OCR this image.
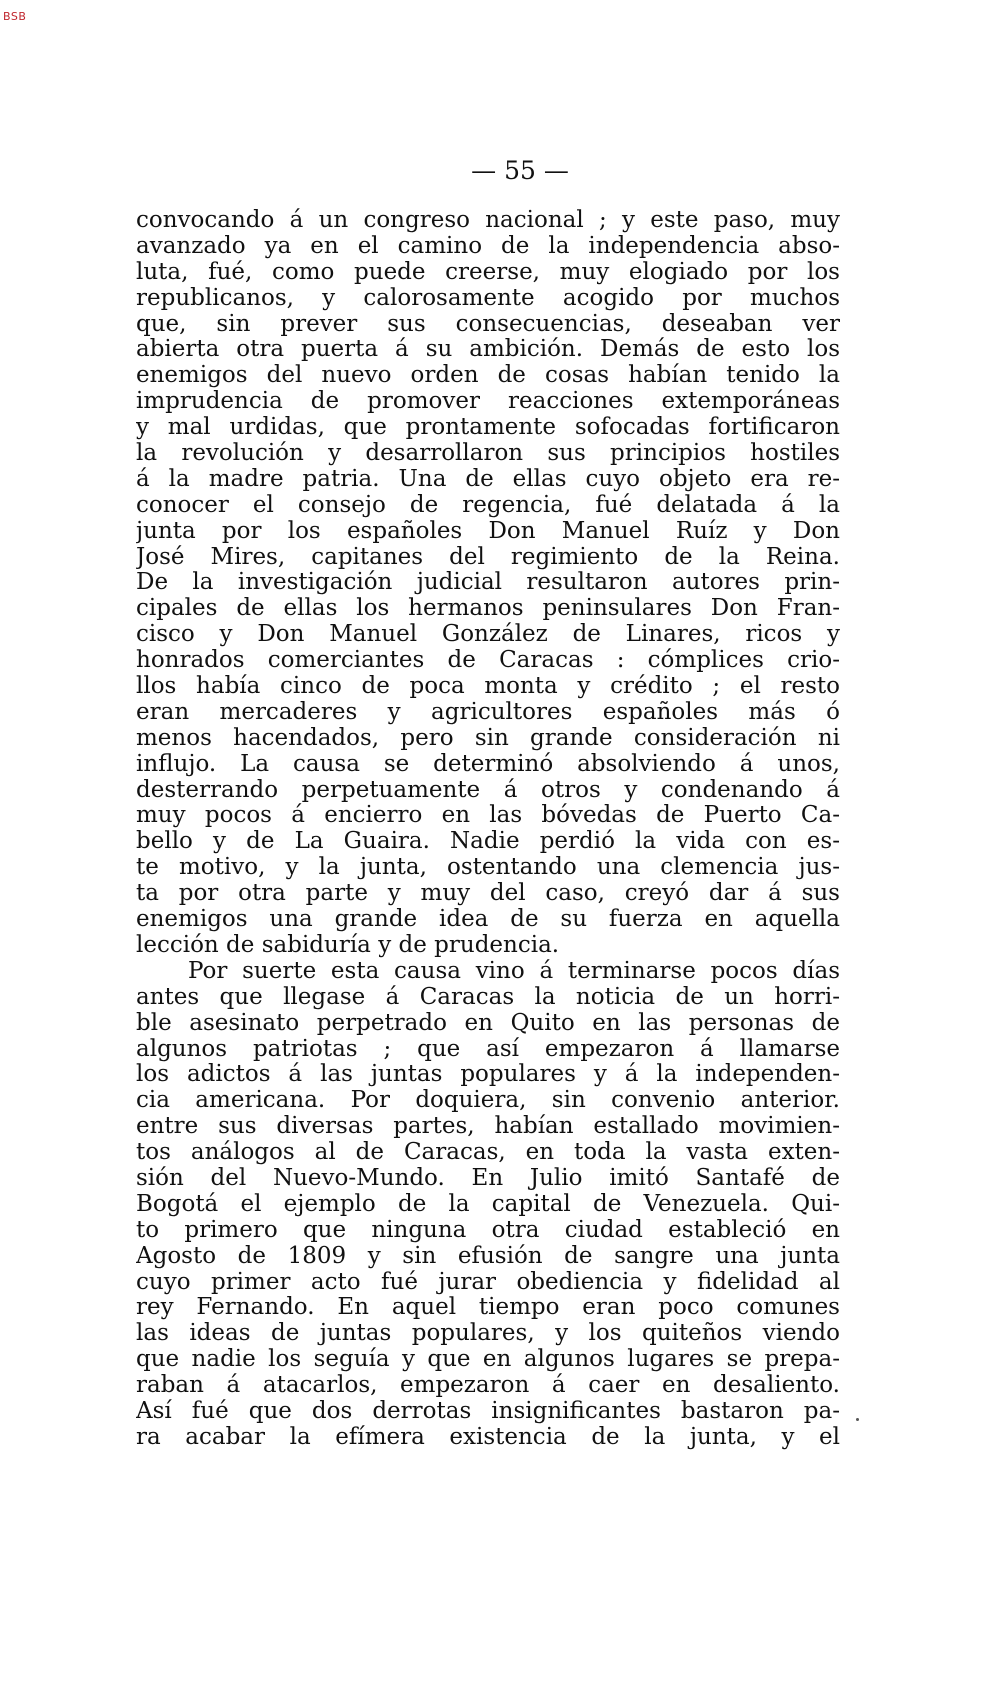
BSB
— 55 —
convocando á un congreso nacional ; y este paso, muy
avanzado ya en el camino de la independencia abso-
luta, fué, como puede creerse, muy elogiado por los
republicanos, y calorosamente acogido por muchos
que, sin prever sus consecuencias, deseaban ver
abierta otra puerta á su ambición. Demás de esto los
enemigos del nuevo orden de cosas habían tenido la
imprudencia de promover reacciones extemporáneas
y mal urdidas, que prontamente sofocadas fortificaron
la revolución y desarrollaron sus principios hostiles
á la madre patria. Una de ellas cuyo objeto era re-
conocer el consejo de regencia, fué delatada á la
junta por los españoles Don Manuel Ruíz y Don
José Mires, capitanes del regimiento de la Reina.
De la investigación judicial resultaron autores prin-
cipales de ellas los hermanos peninsulares Don Fran-
cisco y Don Manuel González de Linares, ricos y
honrados comerciantes de Caracas : cómplices crio-
llos había cinco de poca monta y crédito ; el resto
eran mercaderes y agricultores españoles más ó
menos hacendados, pero sin grande consideración ni
influjo. La causa se determinó absolviendo á unos,
desterrando perpetuamente á otros y condenando á
muy pocos á encierro en las bóvedas de Puerto Ca-
bello y de La Guaira. Nadie perdió la vida con es-
te motivo, y la junta, ostentando una clemencia jus-
ta por otra parte y muy del caso, creyó dar á sus
enemigos una grande idea de su fuerza en aquella
lección de sabiduría y de prudencia.
Por suerte esta causa vino á terminarse pocos días
antes que llegase á Caracas la noticia de un horri-
ble asesinato perpetrado en Quito en las personas de
algunos patriotas ; que así empezaron á llamarse
los adictos á las juntas populares y á la independen-
cia americana. Por doquiera, sin convenio anterior.
entre sus diversas partes, habían estallado movimien-
tos análogos al de Caracas, en toda la vasta exten-
sión del Nuevo-Mundo. En Julio imitó Santafé de
Bogotá el ejemplo de la capital de Venezuela. Qui-
to primero que ninguna otra ciudad estableció en
Agosto de 1809 y sin efusión de sangre una junta
cuyo primer acto fué jurar obediencia y fidelidad al
rey Fernando. En aquel tiempo eran poco comunes
las ideas de juntas populares, y los quiteños viendo
que nadie los seguía y que en algunos lugares se prepa-
raban á atacarlos, empezaron á caer en desaliento.
Así fué que dos derrotas insignificantes bastaron pa-
ra acabar la efímera existencia de la junta, y el
